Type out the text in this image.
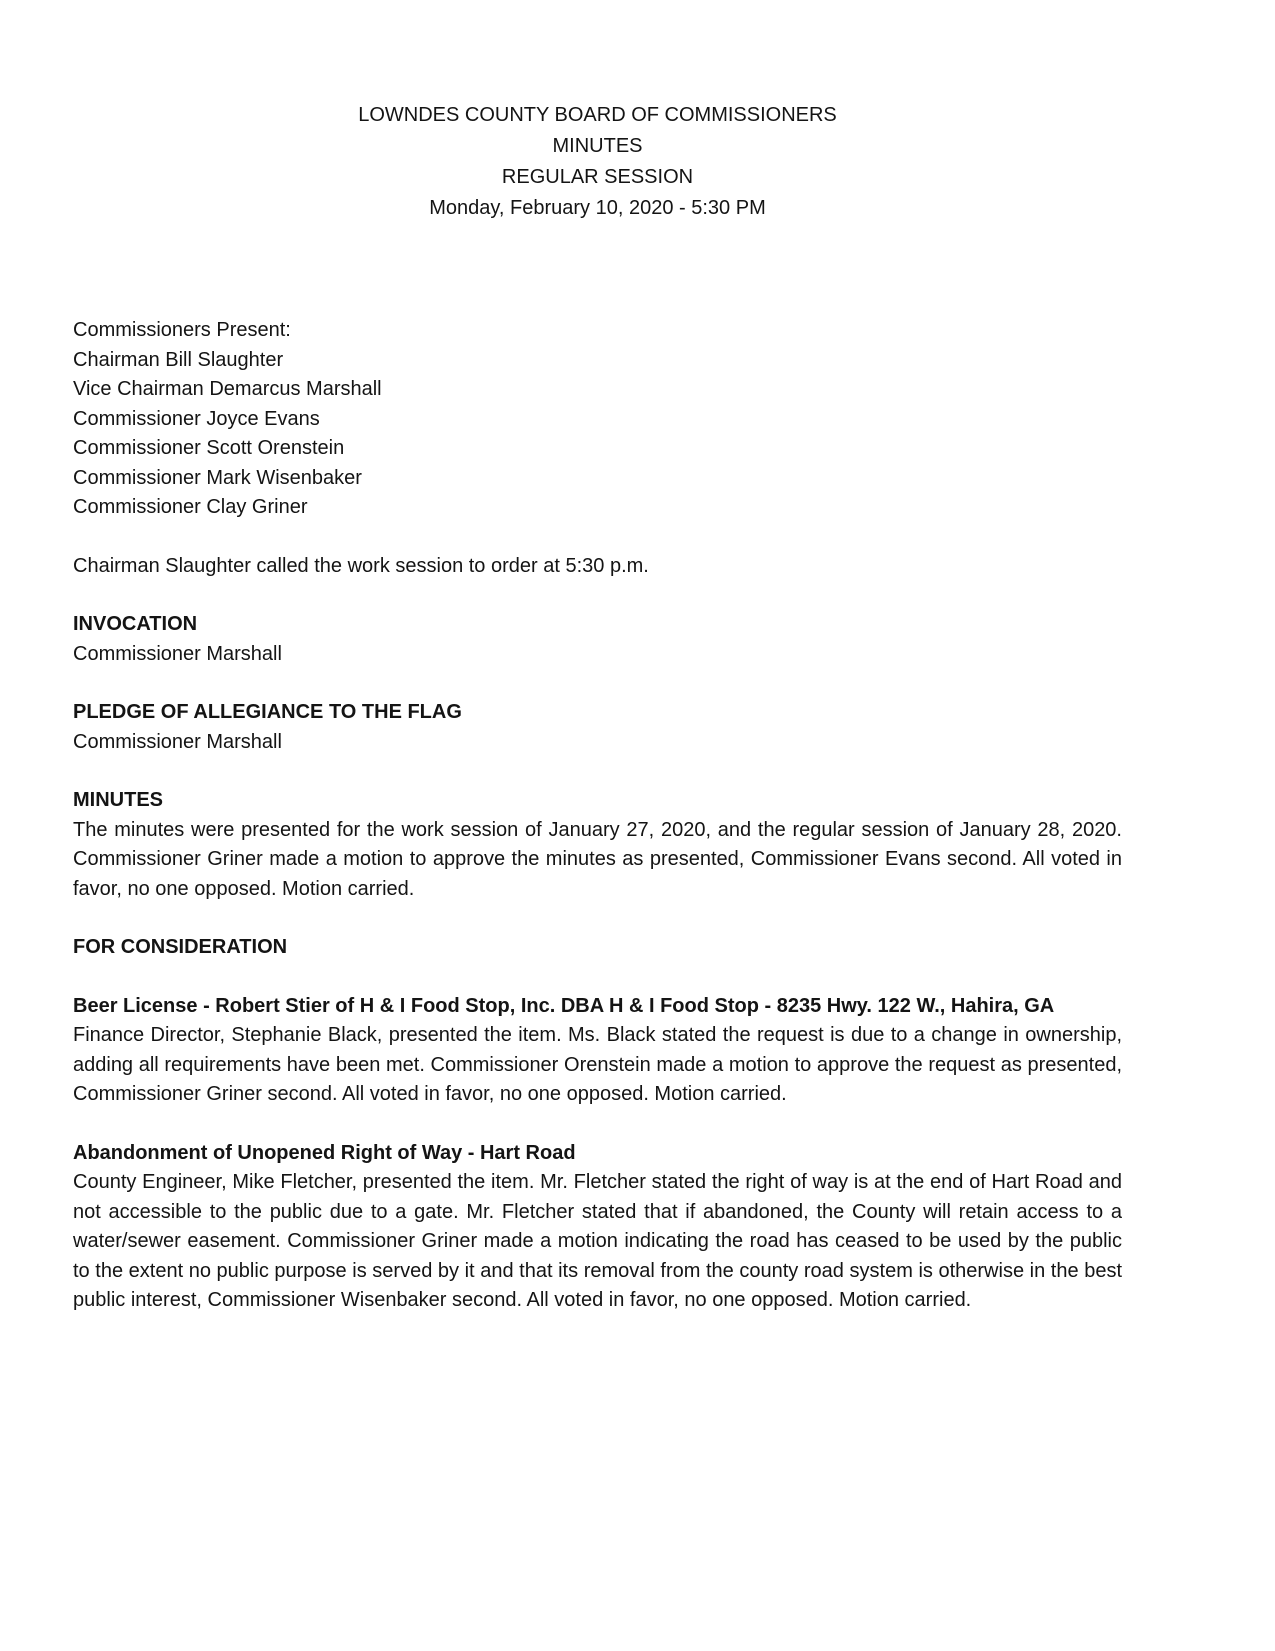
LOWNDES COUNTY BOARD OF COMMISSIONERS
MINUTES
REGULAR SESSION
Monday, February 10, 2020 - 5:30 PM
Commissioners Present:
Chairman Bill Slaughter
Vice Chairman Demarcus Marshall
Commissioner Joyce Evans
Commissioner Scott Orenstein
Commissioner Mark Wisenbaker
Commissioner Clay Griner

Chairman Slaughter called the work session to order at 5:30 p.m.

INVOCATION

Commissioner Marshall

PLEDGE OF ALLEGIANCE TO THE FLAG

Commissioner Marshall

MINUTES

The minutes were presented for the work session of January 27, 2020, and the regular session of January 28, 2020. Commissioner Griner made a motion to approve the minutes as presented, Commissioner Evans second. All voted in favor, no one opposed. Motion carried.

FOR CONSIDERATION

Beer License - Robert Stier of H & I Food Stop, Inc. DBA H & I Food Stop - 8235 Hwy. 122 W., Hahira, GA

Finance Director, Stephanie Black, presented the item. Ms. Black stated the request is due to a change in ownership, adding all requirements have been met. Commissioner Orenstein made a motion to approve the request as presented, Commissioner Griner second. All voted in favor, no one opposed. Motion carried.

Abandonment of Unopened Right of Way - Hart Road

County Engineer, Mike Fletcher, presented the item. Mr. Fletcher stated the right of way is at the end of Hart Road and not accessible to the public due to a gate. Mr. Fletcher stated that if abandoned, the County will retain access to a water/sewer easement. Commissioner Griner made a motion indicating the road has ceased to be used by the public to the extent no public purpose is served by it and that its removal from the county road system is otherwise in the best public interest, Commissioner Wisenbaker second. All voted in favor, no one opposed. Motion carried.
